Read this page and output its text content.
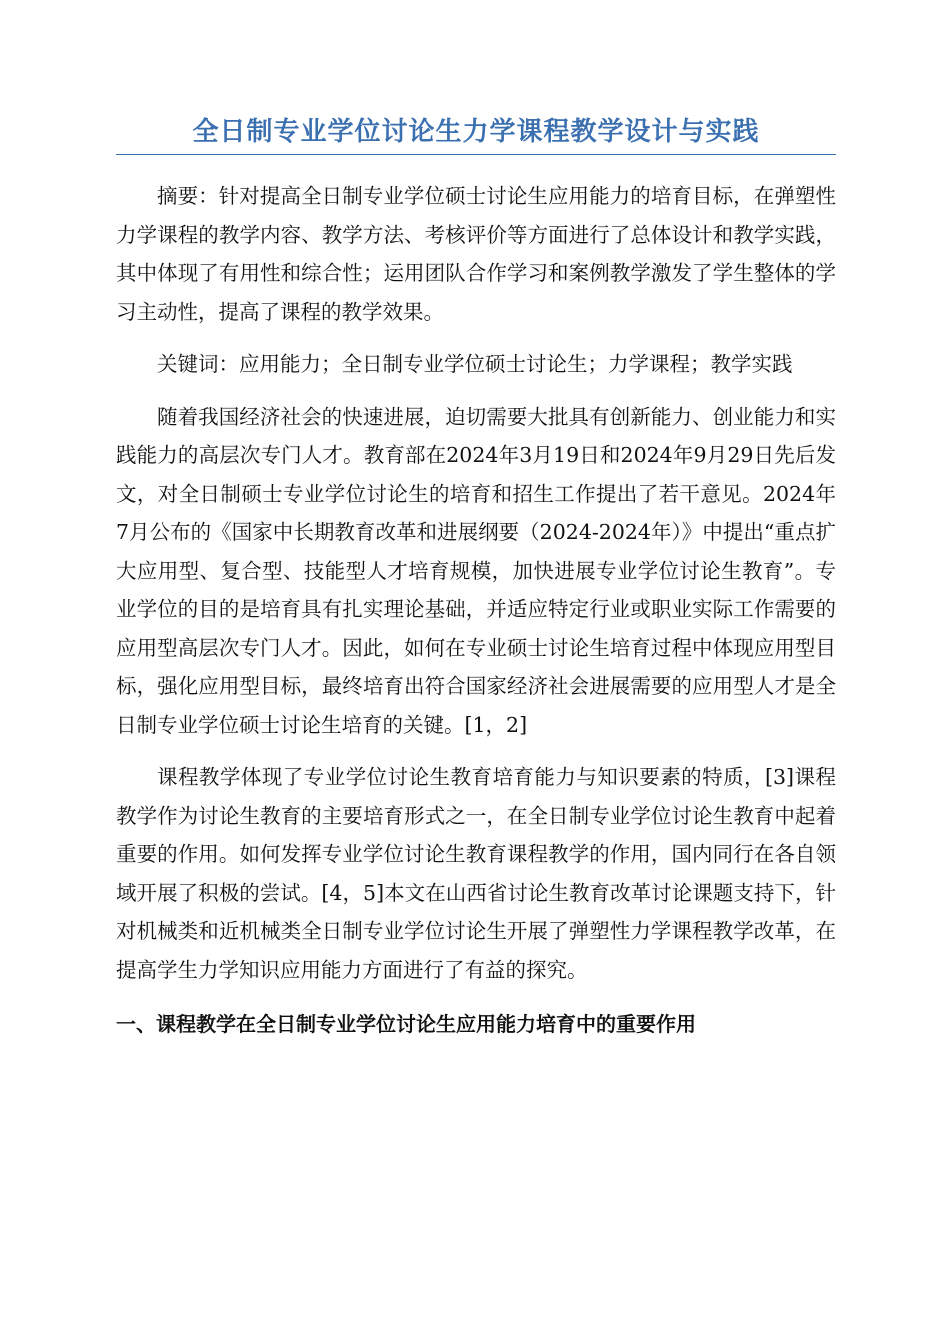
全日制专业学位讨论生力学课程教学设计与实践

摘要：针对提高全日制专业学位硕士讨论生应用能力的培育目标，在弹塑性力学课程的教学内容、教学方法、考核评价等方面进行了总体设计和教学实践，其中体现了有用性和综合性；运用团队合作学习和案例教学激发了学生整体的学习主动性，提高了课程的教学效果。

关键词：应用能力；全日制专业学位硕士讨论生；力学课程；教学实践

随着我国经济社会的快速进展，迫切需要大批具有创新能力、创业能力和实践能力的高层次专门人才。教育部在2024年3月19日和2024年9月29日先后发文，对全日制硕士专业学位讨论生的培育和招生工作提出了若干意见。2024年7月公布的《国家中长期教育改革和进展纲要（2024-2024年）》中提出“重点扩大应用型、复合型、技能型人才培育规模，加快进展专业学位讨论生教育”。专业学位的目的是培育具有扎实理论基础，并适应特定行业或职业实际工作需要的应用型高层次专门人才。因此，如何在专业硕士讨论生培育过程中体现应用型目标，强化应用型目标，最终培育出符合国家经济社会进展需要的应用型人才是全日制专业学位硕士讨论生培育的关键。[1，2]

课程教学体现了专业学位讨论生教育培育能力与知识要素的特质，[3]课程教学作为讨论生教育的主要培育形式之一，在全日制专业学位讨论生教育中起着重要的作用。如何发挥专业学位讨论生教育课程教学的作用，国内同行在各自领域开展了积极的尝试。[4，5]本文在山西省讨论生教育改革讨论课题支持下，针对机械类和近机械类全日制专业学位讨论生开展了弹塑性力学课程教学改革，在提高学生力学知识应用能力方面进行了有益的探究。

一、课程教学在全日制专业学位讨论生应用能力培育中的重要作用
